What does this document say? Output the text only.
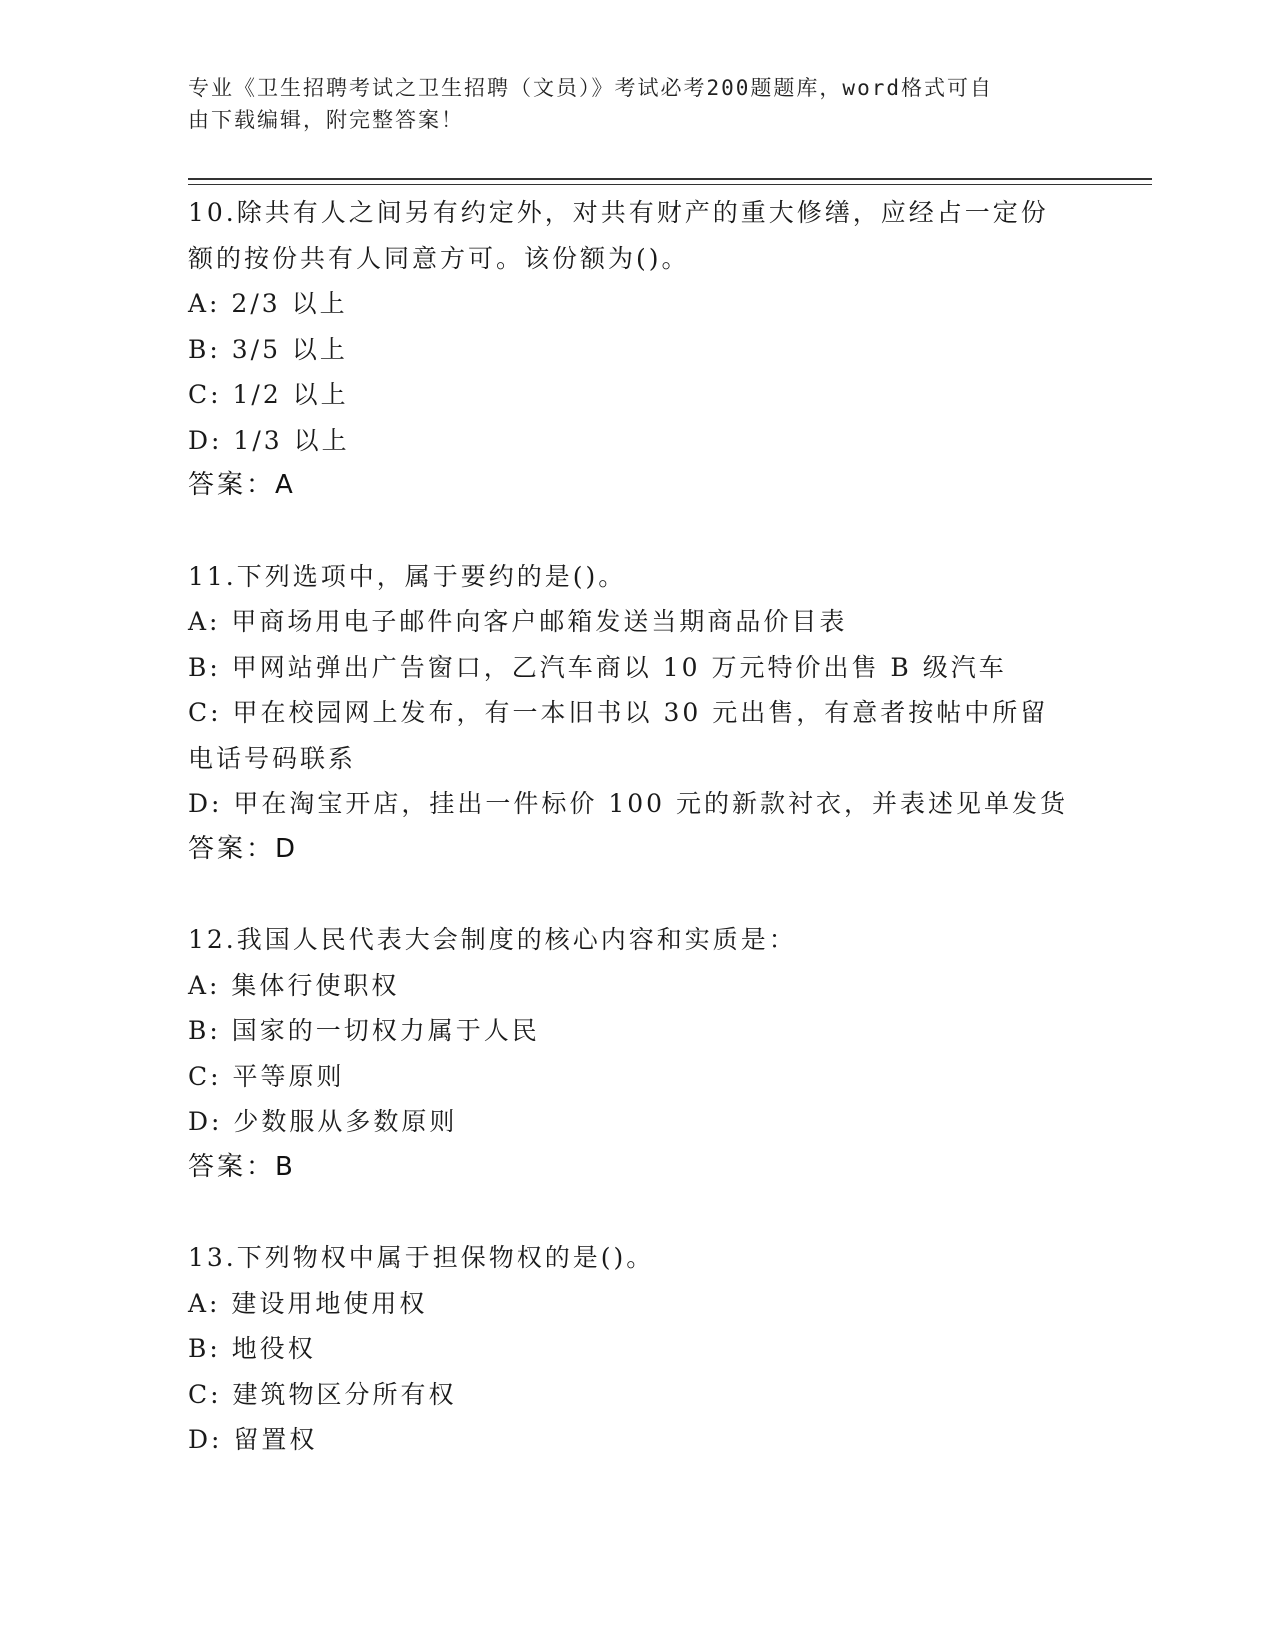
专业《卫生招聘考试之卫生招聘（文员）》考试必考200题题库，word格式可自
由下载编辑，附完整答案！
10.除共有人之间另有约定外，对共有财产的重大修缮，应经占一定份
额的按份共有人同意方可。该份额为()。
A: 2/3 以上
B: 3/5 以上
C: 1/2 以上
D: 1/3 以上
答案：A
11.下列选项中，属于要约的是()。
A: 甲商场用电子邮件向客户邮箱发送当期商品价目表
B: 甲网站弹出广告窗口，乙汽车商以 10 万元特价出售 B 级汽车
C: 甲在校园网上发布，有一本旧书以 30 元出售，有意者按帖中所留
电话号码联系
D: 甲在淘宝开店，挂出一件标价 100 元的新款衬衣，并表述见单发货
答案：D
12.我国人民代表大会制度的核心内容和实质是：
A: 集体行使职权
B: 国家的一切权力属于人民
C: 平等原则
D: 少数服从多数原则
答案：B
13.下列物权中属于担保物权的是()。
A: 建设用地使用权
B: 地役权
C: 建筑物区分所有权
D: 留置权
